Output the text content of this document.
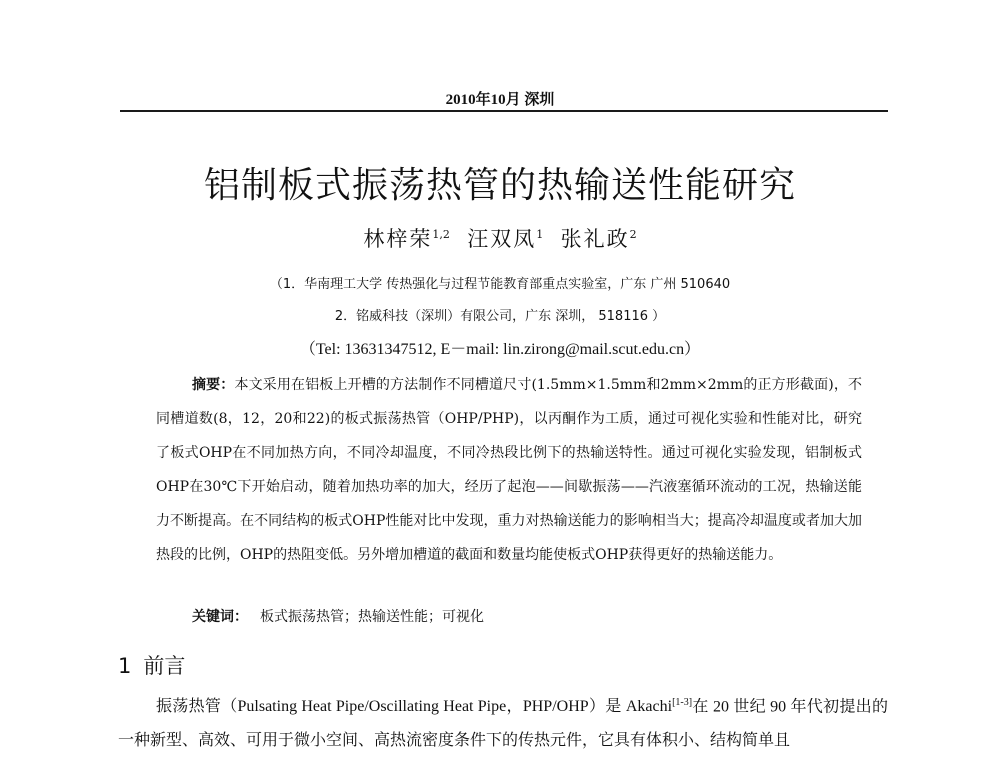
2010年10月 深圳
铝制板式振荡热管的热输送性能研究
林梓荣$^{1,2}$ 汪双凤$^1$ 张礼政$^2$
（1．华南理工大学 传热强化与过程节能教育部重点实验室，广东 广州 510640
2．铭威科技（深圳）有限公司，广东 深圳， 518116 ）
（Tel: 13631347512, E－mail: lin.zirong@mail.scut.edu.cn）
摘要：本文采用在铝板上开槽的方法制作不同槽道尺寸(1.5mm×1.5mm和2mm×2mm的正方形截面)，不同槽道数(8，12，20和22)的板式振荡热管（OHP/PHP)，以丙酮作为工质，通过可视化实验和性能对比，研究了板式OHP在不同加热方向，不同冷却温度，不同冷热段比例下的热输送特性。通过可视化实验发现，铝制板式OHP在30℃下开始启动，随着加热功率的加大，经历了起泡——间歇振荡——汽液塞循环流动的工况，热输送能力不断提高。在不同结构的板式OHP性能对比中发现，重力对热输送能力的影响相当大；提高冷却温度或者加大加热段的比例，OHP的热阻变低。另外增加槽道的截面和数量均能使板式OHP获得更好的热输送能力。
关键词： 板式振荡热管；热输送性能；可视化
1 前言
振荡热管（Pulsating Heat Pipe/Oscillating Heat Pipe，PHP/OHP）是 Akachi[1-3]在 20 世纪 90 年代初提出的一种新型、高效、可用于微小空间、高热流密度条件下的传热元件，它具有体积小、结构简单且
